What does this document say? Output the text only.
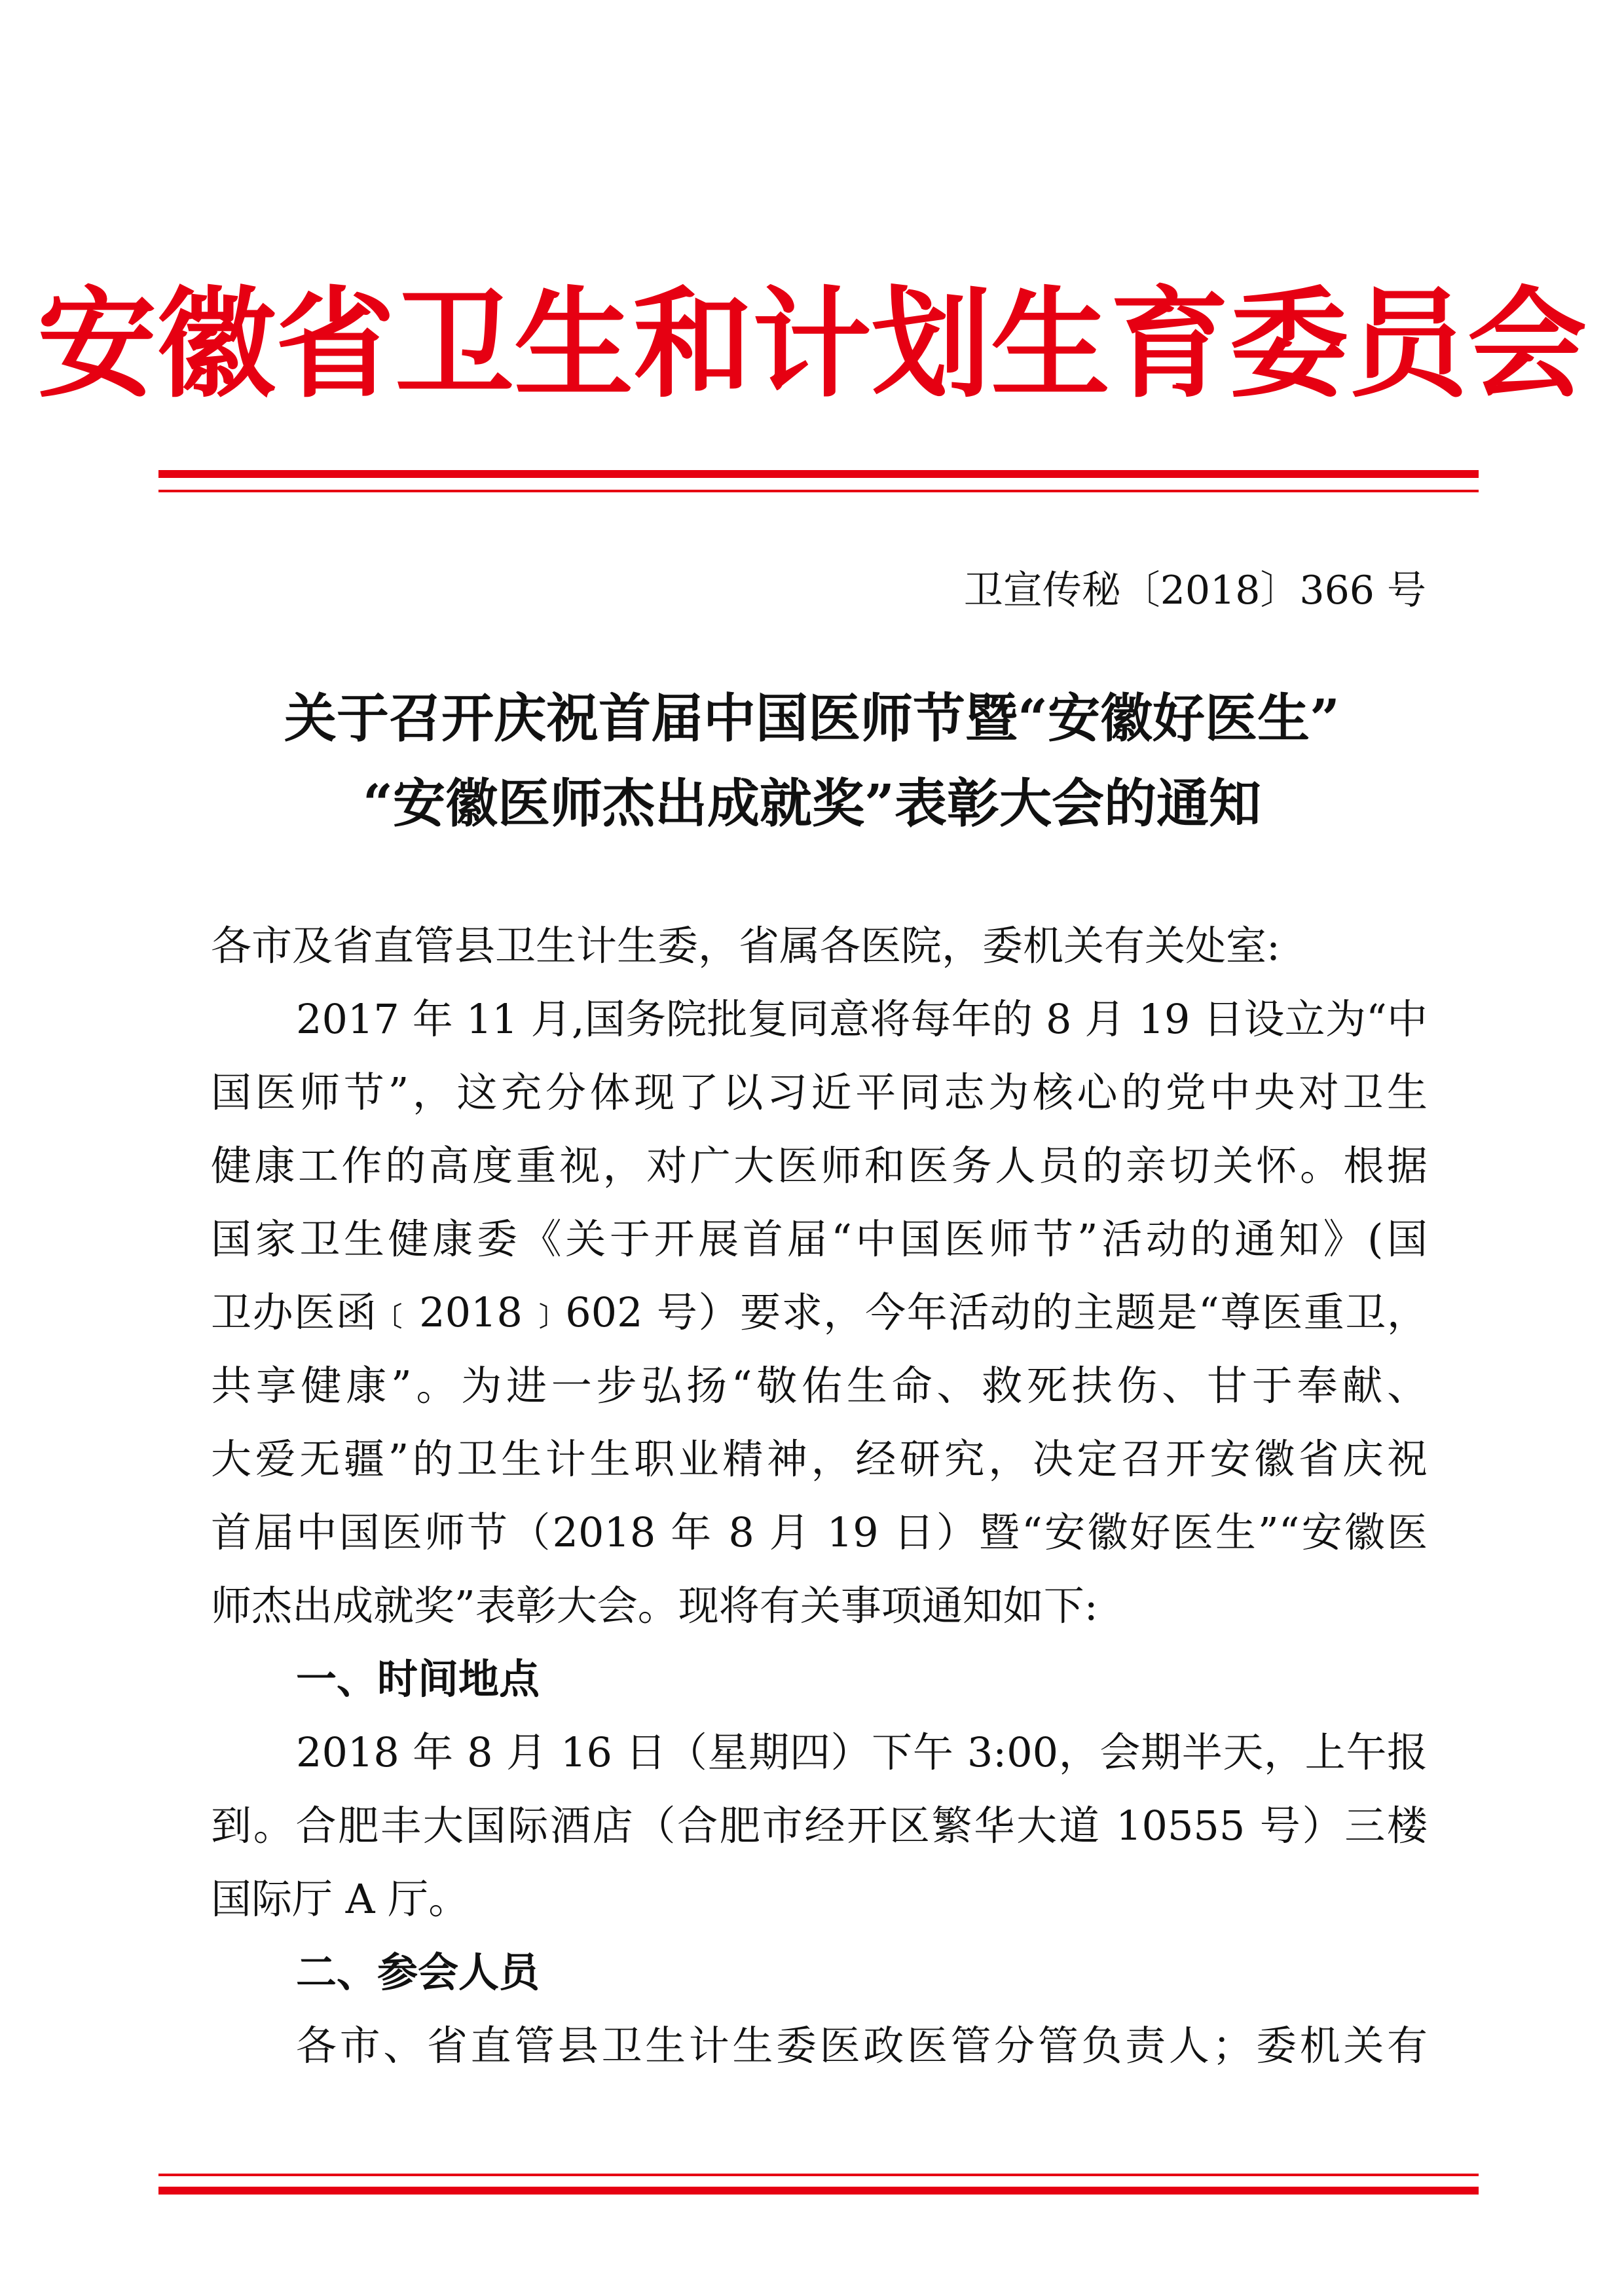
安徽省卫生和计划生育委员会
卫宣传秘〔2018〕366 号
关于召开庆祝首届中国医师节暨“安徽好医生”
“安徽医师杰出成就奖”表彰大会的通知
各市及省直管县卫生计生委，省属各医院，委机关有关处室:
2017 年 11 月,国务院批复同意将每年的 8 月 19 日设立为“中
国医师节”，这充分体现了以习近平同志为核心的党中央对卫生
健康工作的高度重视，对广大医师和医务人员的亲切关怀。根据
国家卫生健康委《关于开展首届“中国医师节”活动的通知》(国
卫办医函﹝2018﹞602 号）要求，今年活动的主题是“尊医重卫，
共享健康”。为进一步弘扬“敬佑生命、救死扶伤、甘于奉献、
大爱无疆”的卫生计生职业精神，经研究，决定召开安徽省庆祝
首届中国医师节（2018 年 8 月 19 日）暨“安徽好医生”“安徽医
师杰出成就奖”表彰大会。现将有关事项通知如下:
一、时间地点
2018 年 8 月 16 日（星期四）下午 3:00，会期半天，上午报
到。合肥丰大国际酒店（合肥市经开区繁华大道 10555 号）三楼
国际厅 A 厅。
二、参会人员
各市、省直管县卫生计生委医政医管分管负责人；委机关有
